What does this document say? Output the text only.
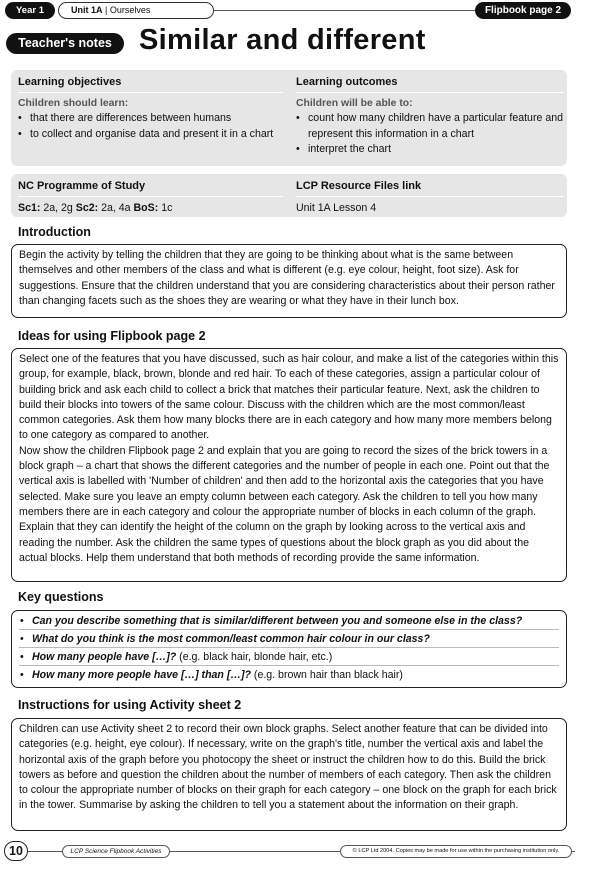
Year 1	Unit 1A | Ourselves	Flipbook page 2
Teacher's notes Similar and different
Learning objectives
Children should learn:
• that there are differences between humans
• to collect and organise data and present it in a chart
Learning outcomes
Children will be able to:
• count how many children have a particular feature and represent this information in a chart
• interpret the chart
NC Programme of Study
Sc1: 2a, 2g Sc2: 2a, 4a BoS: 1c
LCP Resource Files link
Unit 1A Lesson 4
Introduction

Begin the activity by telling the children that they are going to be thinking about what is the same between themselves and other members of the class and what is different (e.g. eye colour, height, foot size). Ask for suggestions. Ensure that the children understand that you are considering characteristics about their person rather than changing facets such as the shoes they are wearing or what they have in their lunch box.

Ideas for using Flipbook page 2

Select one of the features that you have discussed, such as hair colour, and make a list of the categories within this group, for example, black, brown, blonde and red hair. To each of these categories, assign a particular colour of building brick and ask each child to collect a brick that matches their particular feature. Next, ask the children to build their blocks into towers of the same colour. Discuss with the children which are the most common/least common categories. Ask them how many blocks there are in each category and how many more members belong to one category as compared to another.

Now show the children Flipbook page 2 and explain that you are going to record the sizes of the brick towers in a block graph – a chart that shows the different categories and the number of people in each one. Point out that the vertical axis is labelled with 'Number of children' and then add to the horizontal axis the categories that you have selected. Make sure you leave an empty column between each category. Ask the children to tell you how many members there are in each category and colour the appropriate number of blocks in each column of the graph. Explain that they can identify the height of the column on the graph by looking across to the vertical axis and reading the number. Ask the children the same types of questions about the block graph as you did about the actual blocks. Help them understand that both methods of recording provide the same information.

Key questions
• Can you describe something that is similar/different between you and someone else in the class?
• What do you think is the most common/least common hair colour in our class?
• How many people have […]? (e.g. black hair, blonde hair, etc.)
• How many more people have […] than […]? (e.g. brown hair than black hair)
Instructions for using Activity sheet 2

Children can use Activity sheet 2 to record their own block graphs. Select another feature that can be divided into categories (e.g. height, eye colour). If necessary, write on the graph's title, number the vertical axis and label the horizontal axis of the graph before you photocopy the sheet or instruct the children how to do this. Build the brick towers as before and question the children about the number of members of each category. Then ask the children to colour the appropriate number of blocks on their graph for each category – one block on the graph for each brick in the tower. Summarise by asking the children to tell you a statement about the information on their graph.

10	LCP Science Flipbook Activities	© LCP Ltd 2004. Copies may be made for use within the purchasing institution only.
